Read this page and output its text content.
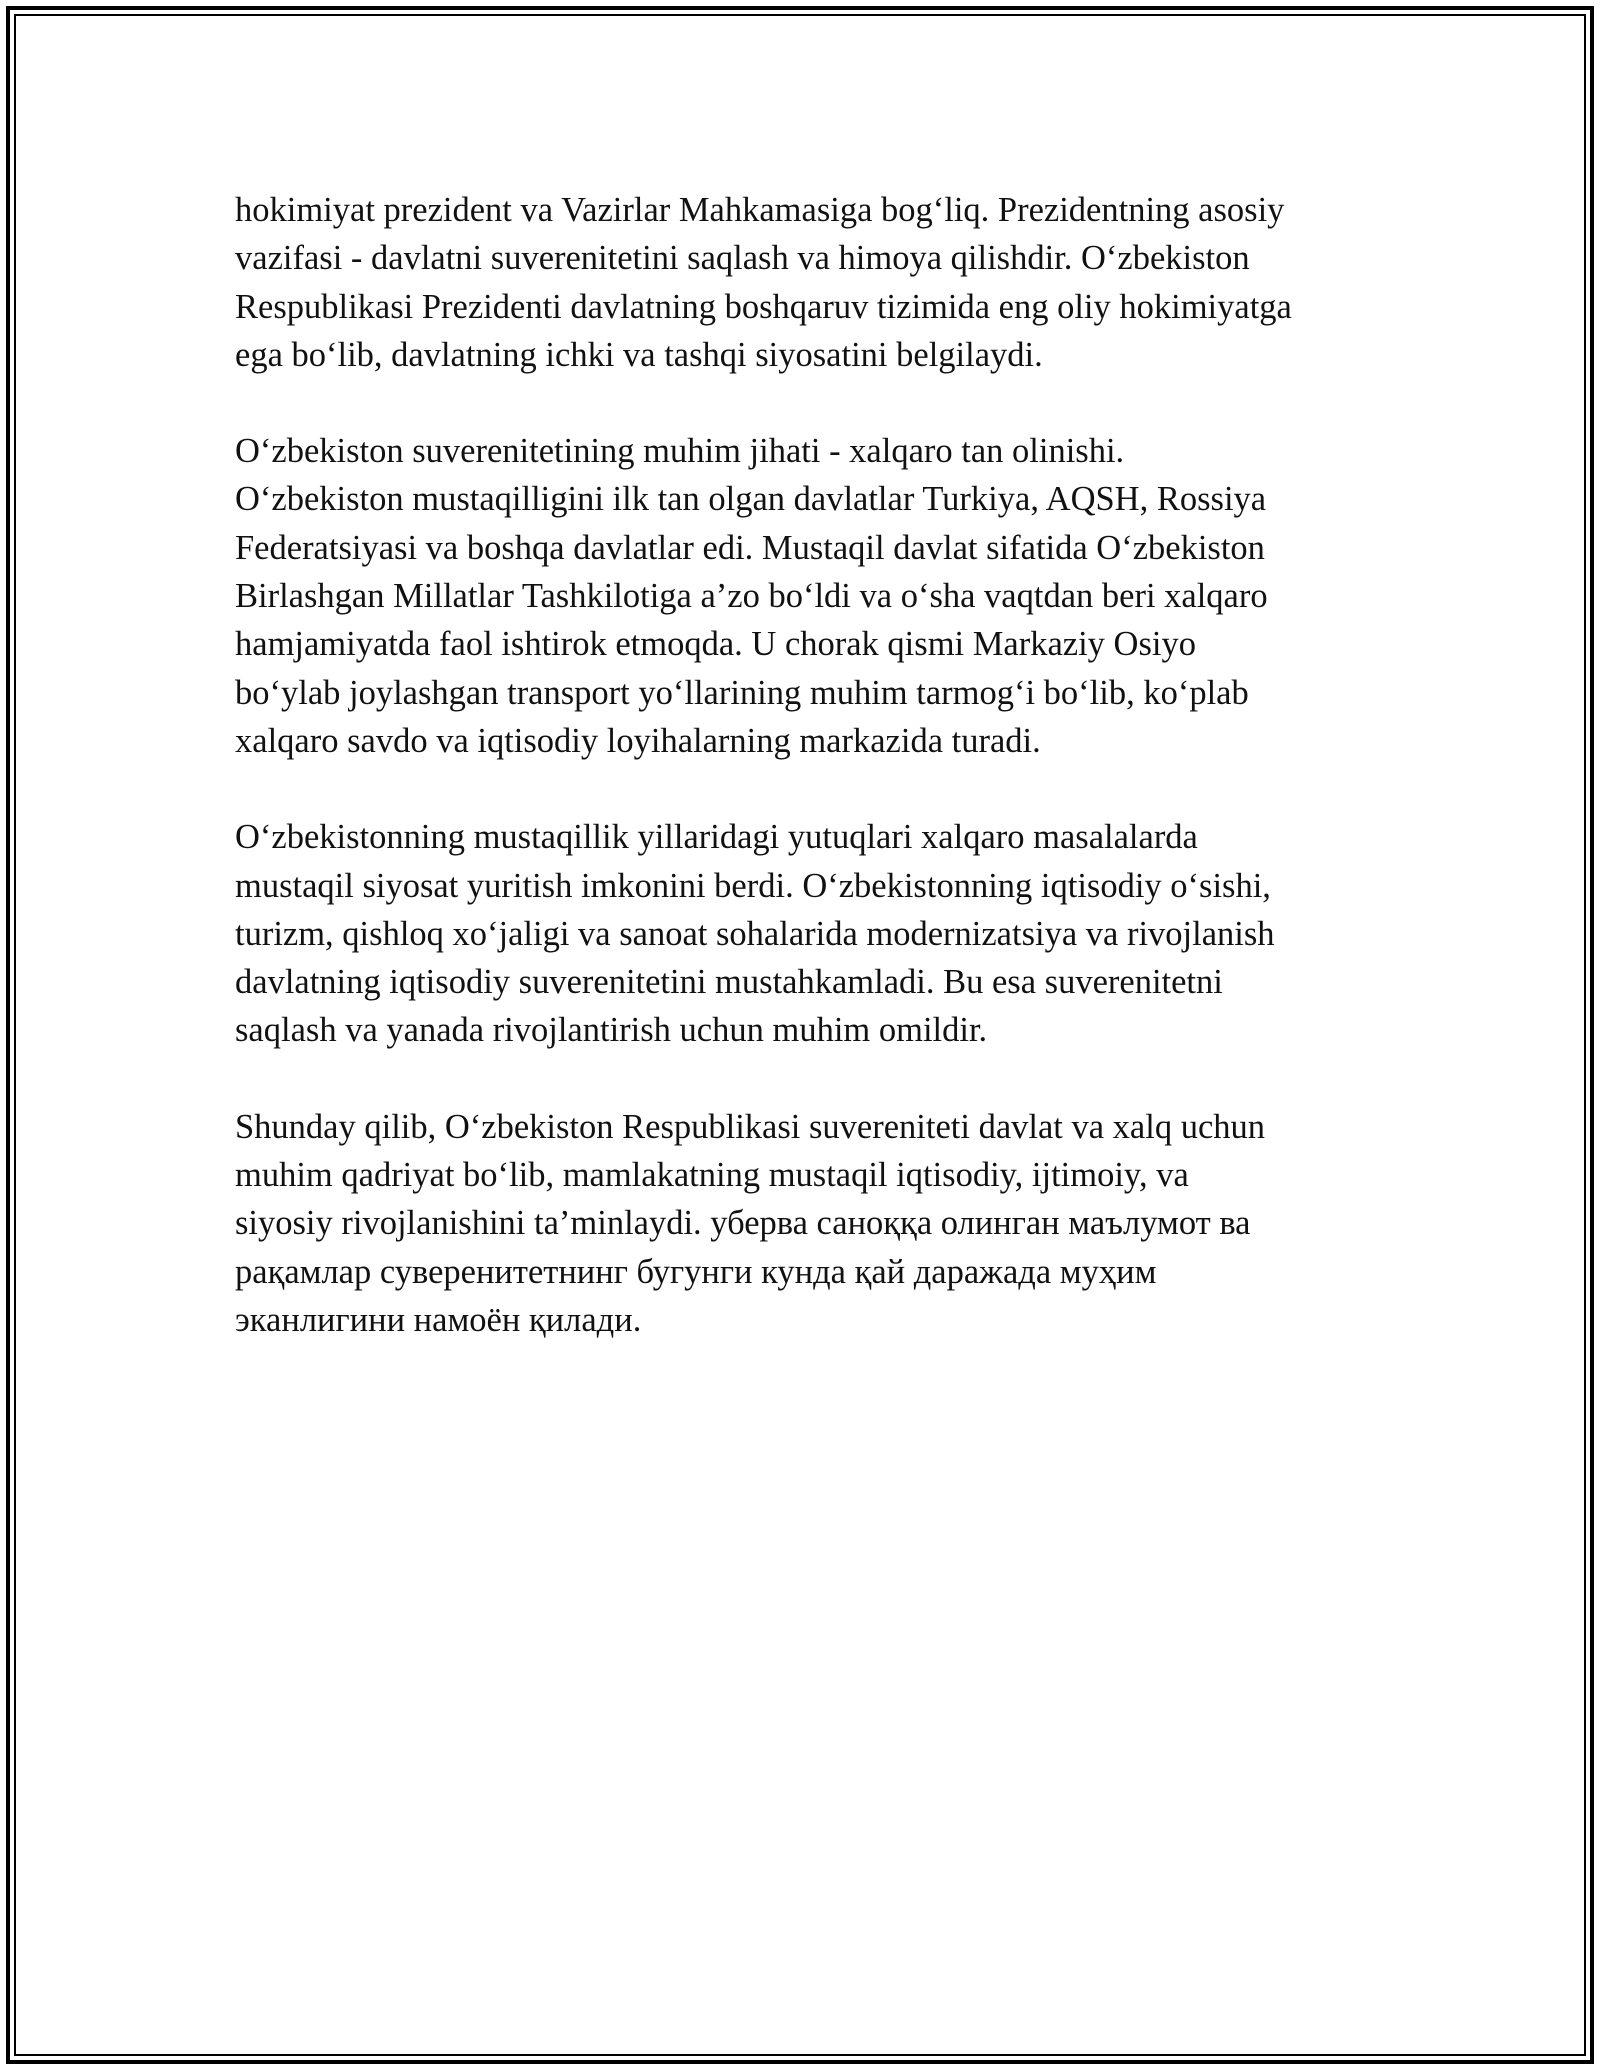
hokimiyat prezident va Vazirlar Mahkamasiga bog‘liq. Prezidentning asosiy
vazifasi - davlatni suverenitetini saqlash va himoya qilishdir. O‘zbekiston
Respublikasi Prezidenti davlatning boshqaruv tizimida eng oliy hokimiyatga
ega bo‘lib, davlatning ichki va tashqi siyosatini belgilaydi.

O‘zbekiston suverenitetining muhim jihati - xalqaro tan olinishi.
O‘zbekiston mustaqilligini ilk tan olgan davlatlar Turkiya, AQSH, Rossiya
Federatsiyasi va boshqa davlatlar edi. Mustaqil davlat sifatida O‘zbekiston
Birlashgan Millatlar Tashkilotiga a’zo bo‘ldi va o‘sha vaqtdan beri xalqaro
hamjamiyatda faol ishtirok etmoqda. U chorak qismi Markaziy Osiyo
bo‘ylab joylashgan transport yo‘llarining muhim tarmog‘i bo‘lib, ko‘plab
xalqaro savdo va iqtisodiy loyihalarning markazida turadi.

O‘zbekistonning mustaqillik yillaridagi yutuqlari xalqaro masalalarda
mustaqil siyosat yuritish imkonini berdi. O‘zbekistonning iqtisodiy o‘sishi,
turizm, qishloq xo‘jaligi va sanoat sohalarida modernizatsiya va rivojlanish
davlatning iqtisodiy suverenitetini mustahkamladi. Bu esa suverenitetni
saqlash va yanada rivojlantirish uchun muhim omildir.

Shunday qilib, O‘zbekiston Respublikasi suvereniteti davlat va xalq uchun
muhim qadriyat bo‘lib, mamlakatning mustaqil iqtisodiy, ijtimoiy, va
siyosiy rivojlanishini ta’minlaydi. уберва саноққа олинган маълумот ва
рақамлар суверенитетнинг бугунги кунда қай даражада муҳим
эканлигини намоён қилади.
